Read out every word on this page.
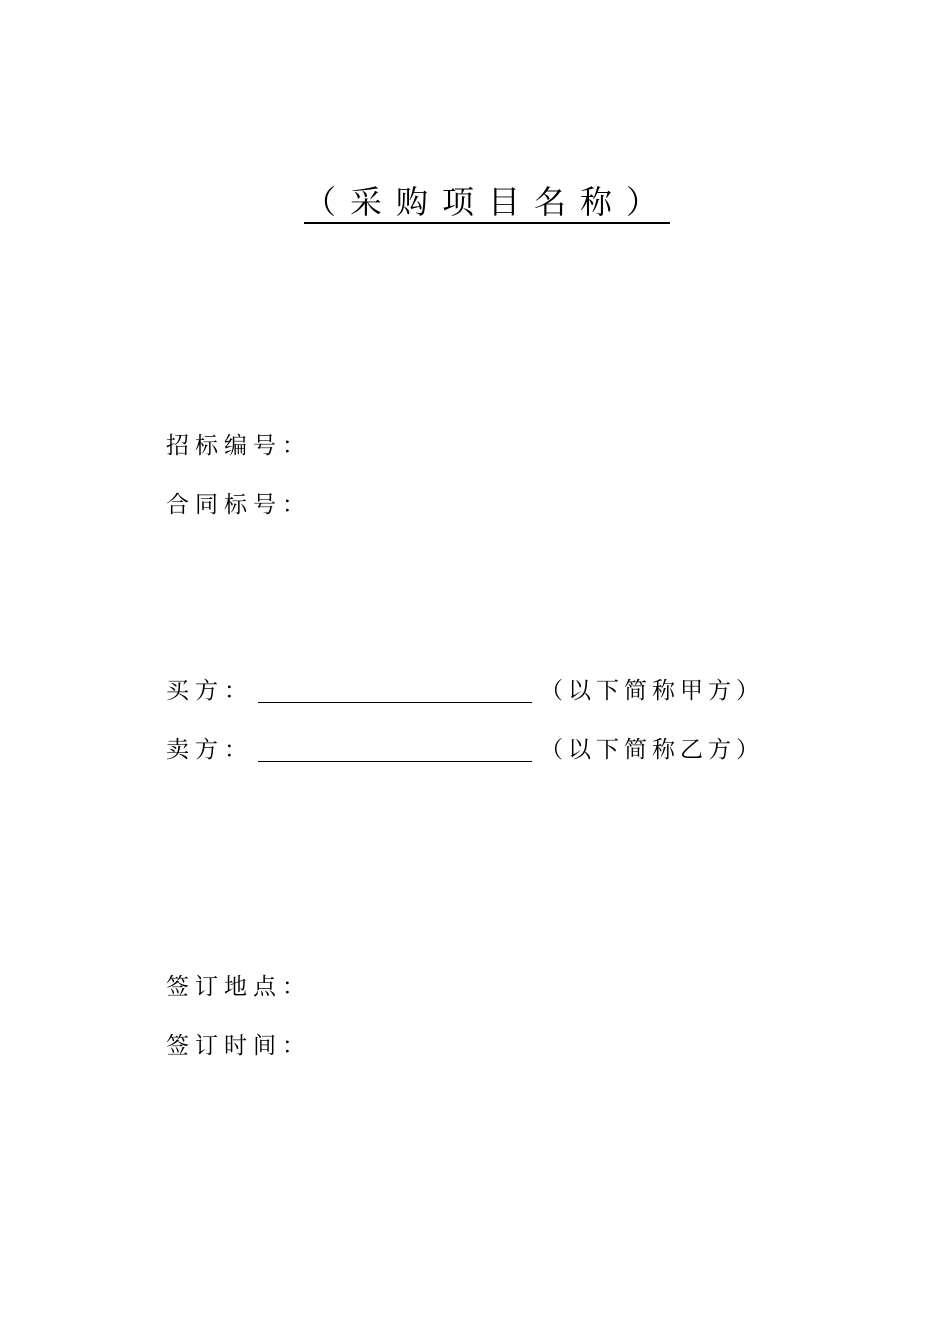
（采购项目名称）
招标编号：
合同标号：
买方：	（以下简称甲方）
卖方：	（以下简称乙方）
签订地点：
签订时间：
